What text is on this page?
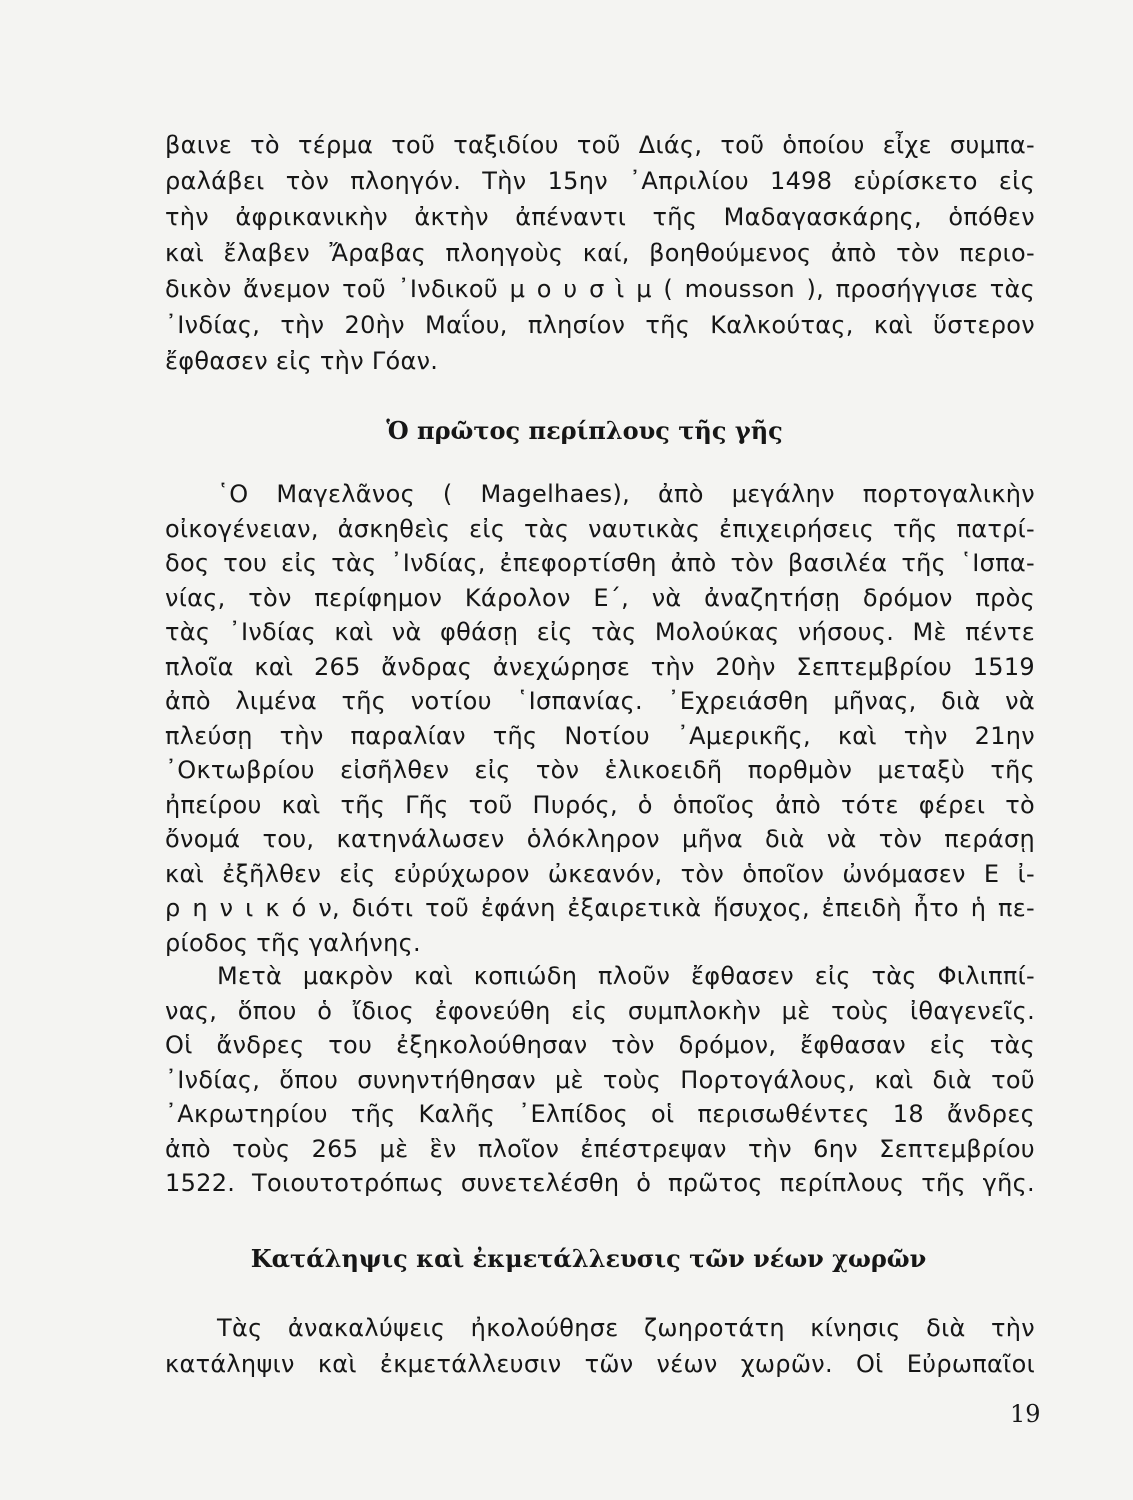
βαινε τὸ τέρμα τοῦ ταξιδίου τοῦ Διάς, τοῦ ὁποίου εἶχε συμπα-
ραλάβει τὸν πλοηγόν. Τὴν 15ην ᾿Απριλίου 1498 εὑρίσκετο εἰς
τὴν ἀφρικανικὴν ἀκτὴν ἀπέναντι τῆς Μαδαγασκάρης, ὁπόθεν
καὶ ἔλαβεν Ἄραβας πλοηγοὺς καί, βοηθούμενος ἀπὸ τὸν περιο-
δικὸν ἄνεμον τοῦ ᾿Ινδικοῦ μ ο υ σ ὶ μ ( mousson ), προσήγγισε τὰς
᾿Ινδίας, τὴν 20ὴν Μαΐου, πλησίον τῆς Καλκούτας, καὶ ὕστερον
ἔφθασεν εἰς τὴν Γόαν.
Ὁ πρῶτος περίπλους τῆς γῆς
῾Ο Μαγελᾶνος ( Magelhaes), ἀπὸ μεγάλην πορτογαλικὴν
οἰκογένειαν, ἀσκηθεὶς εἰς τὰς ναυτικὰς ἐπιχειρήσεις τῆς πατρί-
δος του εἰς τὰς ᾿Ινδίας, ἐπεφορτίσθη ἀπὸ τὸν βασιλέα τῆς ῾Ισπα-
νίας, τὸν περίφημον Κάρολον Ε΄, νὰ ἀναζητήσῃ δρόμον πρὸς
τὰς ᾿Ινδίας καὶ νὰ φθάσῃ εἰς τὰς Μολούκας νήσους. Μὲ πέντε
πλοῖα καὶ 265 ἄνδρας ἀνεχώρησε τὴν 20ὴν Σεπτεμβρίου 1519
ἀπὸ λιμένα τῆς νοτίου ῾Ισπανίας. ᾿Εχρειάσθη μῆνας, διὰ νὰ
πλεύσῃ τὴν παραλίαν τῆς Νοτίου ᾿Αμερικῆς, καὶ τὴν 21ην
᾿Οκτωβρίου εἰσῆλθεν εἰς τὸν ἑλικοειδῆ πορθμὸν μεταξὺ τῆς
ἠπείρου καὶ τῆς Γῆς τοῦ Πυρός, ὁ ὁποῖος ἀπὸ τότε φέρει τὸ
ὄνομά του, κατηνάλωσεν ὁλόκληρον μῆνα διὰ νὰ τὸν περάσῃ
καὶ ἐξῆλθεν εἰς εὐρύχωρον ὠκεανόν, τὸν ὁποῖον ὠνόμασεν Ε ἰ-
ρ η ν ι κ ό ν, διότι τοῦ ἐφάνη ἐξαιρετικὰ ἥσυχος, ἐπειδὴ ἦτο ἡ πε-
ρίοδος τῆς γαλήνης.
Μετὰ μακρὸν καὶ κοπιώδη πλοῦν ἔφθασεν εἰς τὰς Φιλιππί-
νας, ὅπου ὁ ἴδιος ἐφονεύθη εἰς συμπλοκὴν μὲ τοὺς ἰθαγενεῖς.
Οἱ ἄνδρες του ἐξηκολούθησαν τὸν δρόμον, ἔφθασαν εἰς τὰς
᾿Ινδίας, ὅπου συνηντήθησαν μὲ τοὺς Πορτογάλους, καὶ διὰ τοῦ
᾿Ακρωτηρίου τῆς Καλῆς ᾿Ελπίδος οἱ περισωθέντες 18 ἄνδρες
ἀπὸ τοὺς 265 μὲ ἓν πλοῖον ἐπέστρεψαν τὴν 6ην Σεπτεμβρίου
1522. Τοιουτοτρόπως συνετελέσθη ὁ πρῶτος περίπλους τῆς γῆς.
Κατάληψις καὶ ἐκμετάλλευσις τῶν νέων χωρῶν
Τὰς ἀνακαλύψεις ἠκολούθησε ζωηροτάτη κίνησις διὰ τὴν
κατάληψιν καὶ ἐκμετάλλευσιν τῶν νέων χωρῶν. Οἱ Εὐρωπαῖοι
19
